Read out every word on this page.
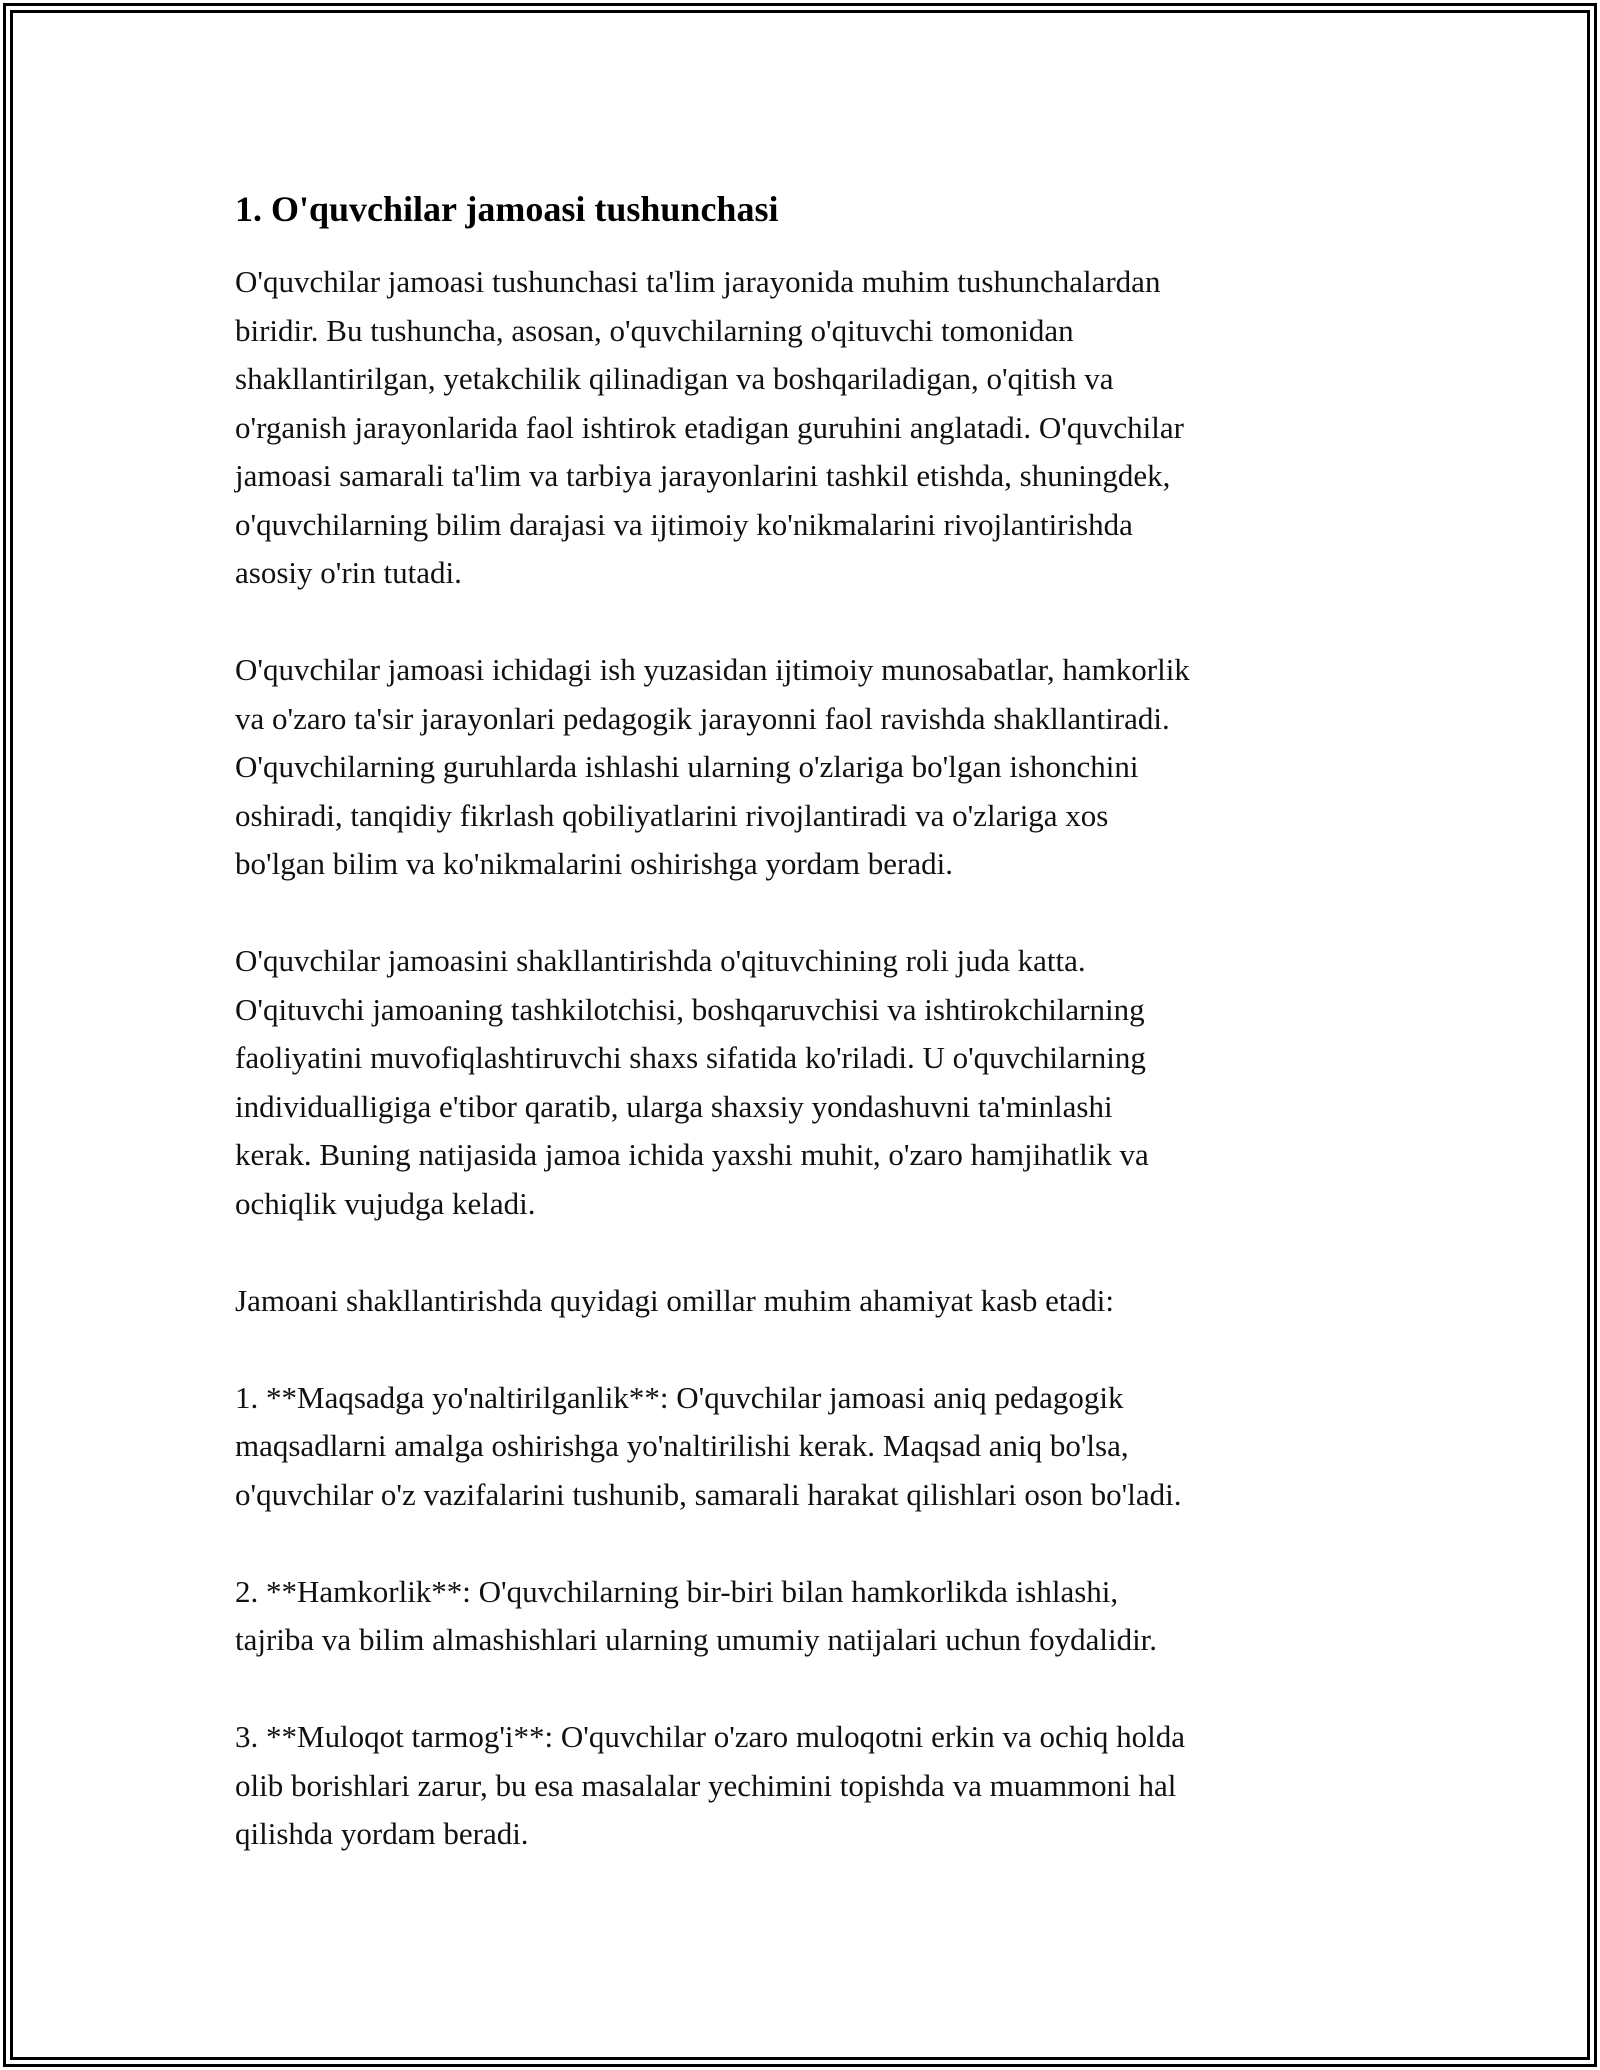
1. O'quvchilar jamoasi tushunchasi

O'quvchilar jamoasi tushunchasi ta'lim jarayonida muhim tushunchalardan
biridir. Bu tushuncha, asosan, o'quvchilarning o'qituvchi tomonidan
shakllantirilgan, yetakchilik qilinadigan va boshqariladigan, o'qitish va
o'rganish jarayonlarida faol ishtirok etadigan guruhini anglatadi. O'quvchilar
jamoasi samarali ta'lim va tarbiya jarayonlarini tashkil etishda, shuningdek,
o'quvchilarning bilim darajasi va ijtimoiy ko'nikmalarini rivojlantirishda
asosiy o'rin tutadi.

O'quvchilar jamoasi ichidagi ish yuzasidan ijtimoiy munosabatlar, hamkorlik
va o'zaro ta'sir jarayonlari pedagogik jarayonni faol ravishda shakllantiradi.
O'quvchilarning guruhlarda ishlashi ularning o'zlariga bo'lgan ishonchini
oshiradi, tanqidiy fikrlash qobiliyatlarini rivojlantiradi va o'zlariga xos
bo'lgan bilim va ko'nikmalarini oshirishga yordam beradi.

O'quvchilar jamoasini shakllantirishda o'qituvchining roli juda katta.
O'qituvchi jamoaning tashkilotchisi, boshqaruvchisi va ishtirokchilarning
faoliyatini muvofiqlashtiruvchi shaxs sifatida ko'riladi. U o'quvchilarning
individualligiga e'tibor qaratib, ularga shaxsiy yondashuvni ta'minlashi
kerak. Buning natijasida jamoa ichida yaxshi muhit, o'zaro hamjihatlik va
ochiqlik vujudga keladi.

Jamoani shakllantirishda quyidagi omillar muhim ahamiyat kasb etadi:

1. **Maqsadga yo'naltirilganlik**: O'quvchilar jamoasi aniq pedagogik
maqsadlarni amalga oshirishga yo'naltirilishi kerak. Maqsad aniq bo'lsa,
o'quvchilar o'z vazifalarini tushunib, samarali harakat qilishlari oson bo'ladi.

2. **Hamkorlik**: O'quvchilarning bir-biri bilan hamkorlikda ishlashi,
tajriba va bilim almashishlari ularning umumiy natijalari uchun foydalidir.

3. **Muloqot tarmog'i**: O'quvchilar o'zaro muloqotni erkin va ochiq holda
olib borishlari zarur, bu esa masalalar yechimini topishda va muammoni hal
qilishda yordam beradi.
